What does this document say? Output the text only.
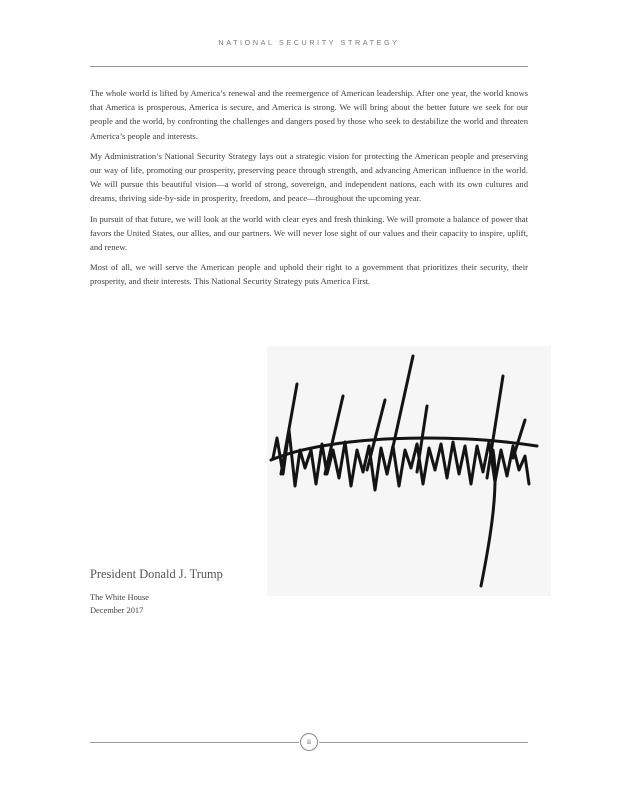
NATIONAL SECURITY STRATEGY

The whole world is lifted by America’s renewal and the reemergence of American leadership. After one year, the world knows that America is prosperous, America is secure, and America is strong. We will bring about the better future we seek for our people and the world, by confronting the challenges and dangers posed by those who seek to destabilize the world and threaten America’s people and interests.

My Administration’s National Security Strategy lays out a strategic vision for protecting the American people and preserving our way of life, promoting our prosperity, preserving peace through strength, and advancing American influence in the world. We will pursue this beautiful vision—a world of strong, sovereign, and independent nations, each with its own cultures and dreams, thriving side-by-side in prosperity, freedom, and peace—throughout the upcoming year.

In pursuit of that future, we will look at the world with clear eyes and fresh thinking. We will promote a balance of power that favors the United States, our allies, and our partners. We will never lose sight of our values and their capacity to inspire, uplift, and renew.

Most of all, we will serve the American people and uphold their right to a government that prioritizes their security, their prosperity, and their interests. This National Security Strategy puts America First.

President Donald J. Trump
The White House
December 2017
ii
